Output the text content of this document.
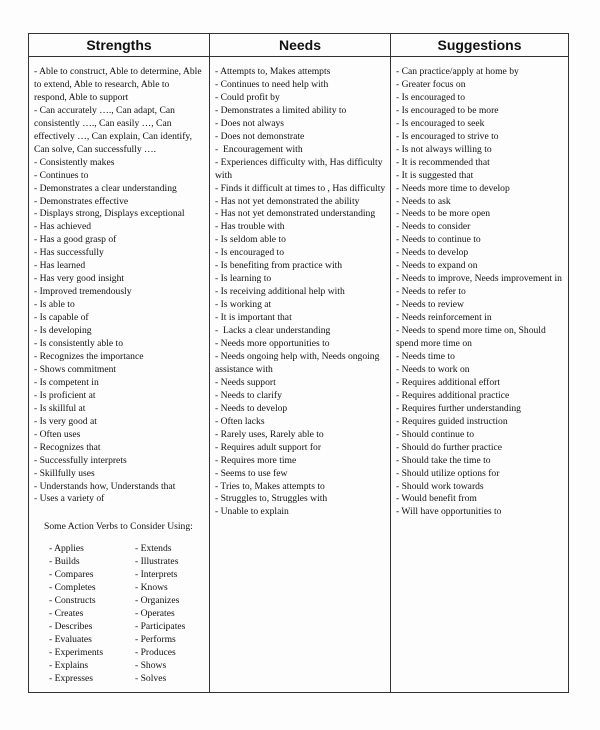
Strengths	Needs	Suggestions
- Able to construct, Able to determine, Able
to extend, Able to research, Able to
respond, Able to support
- Can accurately …., Can adapt, Can
consistently …., Can easily …, Can
effectively …, Can explain, Can identify,
Can solve, Can successfully ….
- Consistently makes
- Continues to
- Demonstrates a clear understanding
- Demonstrates effective
- Displays strong, Displays exceptional
- Has achieved
- Has a good grasp of
- Has successfully
- Has learned
- Has very good insight
- Improved tremendously
- Is able to
- Is capable of
- Is developing
- Is consistently able to
- Recognizes the importance
- Shows commitment
- Is competent in
- Is proficient at
- Is skillful at
- Is very good at
- Often uses
- Recognizes that
- Successfully interprets
- Skillfully uses
- Understands how, Understands that
- Uses a variety of
Some Action Verbs to Consider Using:
- Applies
- Builds
- Compares
- Completes
- Constructs
- Creates
- Describes
- Evaluates
- Experiments
- Explains
- Expresses
- Extends
- Illustrates
- Interprets
- Knows
- Organizes
- Operates
- Participates
- Performs
- Produces
- Shows
- Solves
- Attempts to, Makes attempts
- Continues to need help with
- Could profit by
- Demonstrates a limited ability to
- Does not always
- Does not demonstrate
-  Encouragement with
- Experiences difficulty with, Has difficulty
with
- Finds it difficult at times to , Has difficulty
- Has not yet demonstrated the ability
- Has not yet demonstrated understanding
- Has trouble with
- Is seldom able to
- Is encouraged to
- Is benefiting from practice with
- Is learning to
- Is receiving additional help with
- Is working at
- It is important that
-  Lacks a clear understanding
- Needs more opportunities to
- Needs ongoing help with, Needs ongoing
assistance with
- Needs support
- Needs to clarify
- Needs to develop
- Often lacks
- Rarely uses, Rarely able to
- Requires adult support for
- Requires more time
- Seems to use few
- Tries to, Makes attempts to
- Struggles to, Struggles with
- Unable to explain
- Can practice/apply at home by
- Greater focus on
- Is encouraged to
- Is encouraged to be more
- Is encouraged to seek
- Is encouraged to strive to
- Is not always willing to
- It is recommended that
- It is suggested that
- Needs more time to develop
- Needs to ask
- Needs to be more open
- Needs to consider
- Needs to continue to
- Needs to develop
- Needs to expand on
- Needs to improve, Needs improvement in
- Needs to refer to
- Needs to review
- Needs reinforcement in
- Needs to spend more time on, Should
spend more time on
- Needs time to
- Needs to work on
- Requires additional effort
- Requires additional practice
- Requires further understanding
- Requires guided instruction
- Should continue to
- Should do further practice
- Should take the time to
- Should utilize options for
- Should work towards
- Would benefit from
- Will have opportunities to
